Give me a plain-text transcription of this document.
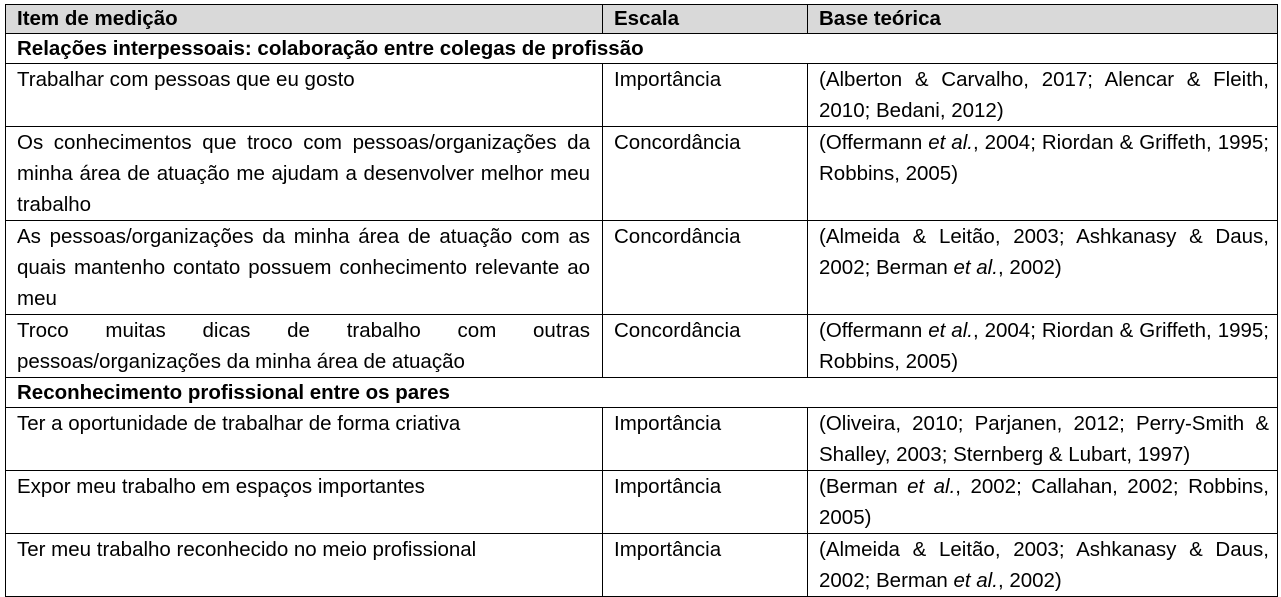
Item de medição	Escala	Base teórica
Relações interpessoais: colaboração entre colegas de profissão		
Trabalhar com pessoas que eu gosto	Importância	(Alberton & Carvalho, 2017; Alencar & Fleith, 2010; Bedani, 2012)
Os conhecimentos que troco com pessoas/organizações da minha área de atuação me ajudam a desenvolver melhor meu trabalho	Concordância	(Offermann et al., 2004; Riordan & Griffeth, 1995; Robbins, 2005)
As pessoas/organizações da minha área de atuação com as quais mantenho contato possuem conhecimento relevante ao meu	Concordância	(Almeida & Leitão, 2003; Ashkanasy & Daus, 2002; Berman et al., 2002)
Troco muitas dicas de trabalho com outras pessoas/organizações da minha área de atuação	Concordância	(Offermann et al., 2004; Riordan & Griffeth, 1995; Robbins, 2005)
Reconhecimento profissional entre os pares		
Ter a oportunidade de trabalhar de forma criativa	Importância	(Oliveira, 2010; Parjanen, 2012; Perry-Smith & Shalley, 2003; Sternberg & Lubart, 1997)
Expor meu trabalho em espaços importantes	Importância	(Berman et al., 2002; Callahan, 2002; Robbins, 2005)
Ter meu trabalho reconhecido no meio profissional	Importância	(Almeida & Leitão, 2003; Ashkanasy & Daus, 2002; Berman et al., 2002)
